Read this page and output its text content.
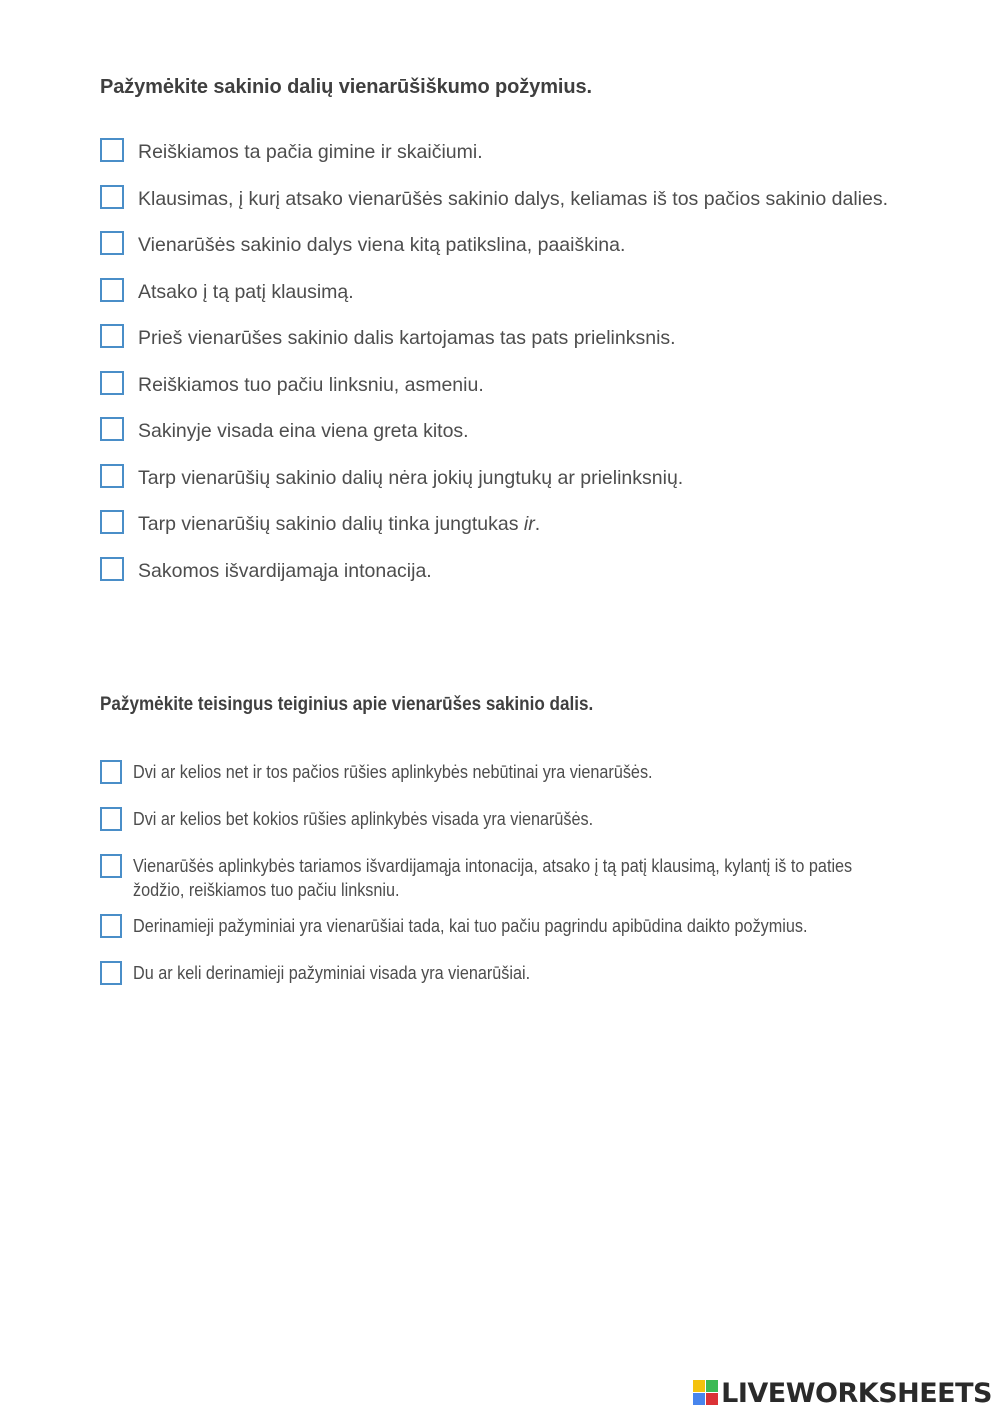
Pažymėkite sakinio dalių vienarūšiškumo požymius.

Reiškiamos ta pačia gimine ir skaičiumi.
Klausimas, į kurį atsako vienarūšės sakinio dalys, keliamas iš tos pačios sakinio dalies.
Vienarūšės sakinio dalys viena kitą patikslina, paaiškina.
Atsako į tą patį klausimą.
Prieš vienarūšes sakinio dalis kartojamas tas pats prielinksnis.
Reiškiamos tuo pačiu linksniu, asmeniu.
Sakinyje visada eina viena greta kitos.
Tarp vienarūšių sakinio dalių nėra jokių jungtukų ar prielinksnių.
Tarp vienarūšių sakinio dalių tinka jungtukas ir.
Sakomos išvardijamąja intonacija.

Pažymėkite teisingus teiginius apie vienarūšes sakinio dalis.

Dvi ar kelios net ir tos pačios rūšies aplinkybės nebūtinai yra vienarūšės.
Dvi ar kelios bet kokios rūšies aplinkybės visada yra vienarūšės.
Vienarūšės aplinkybės tariamos išvardijamąja intonacija, atsako į tą patį klausimą, kylantį iš to paties žodžio, reiškiamos tuo pačiu linksniu.
Derinamieji pažyminiai yra vienarūšiai tada, kai tuo pačiu pagrindu apibūdina daikto požymius.
Du ar keli derinamieji pažyminiai visada yra vienarūšiai.
LIVEWORKSHEETS
